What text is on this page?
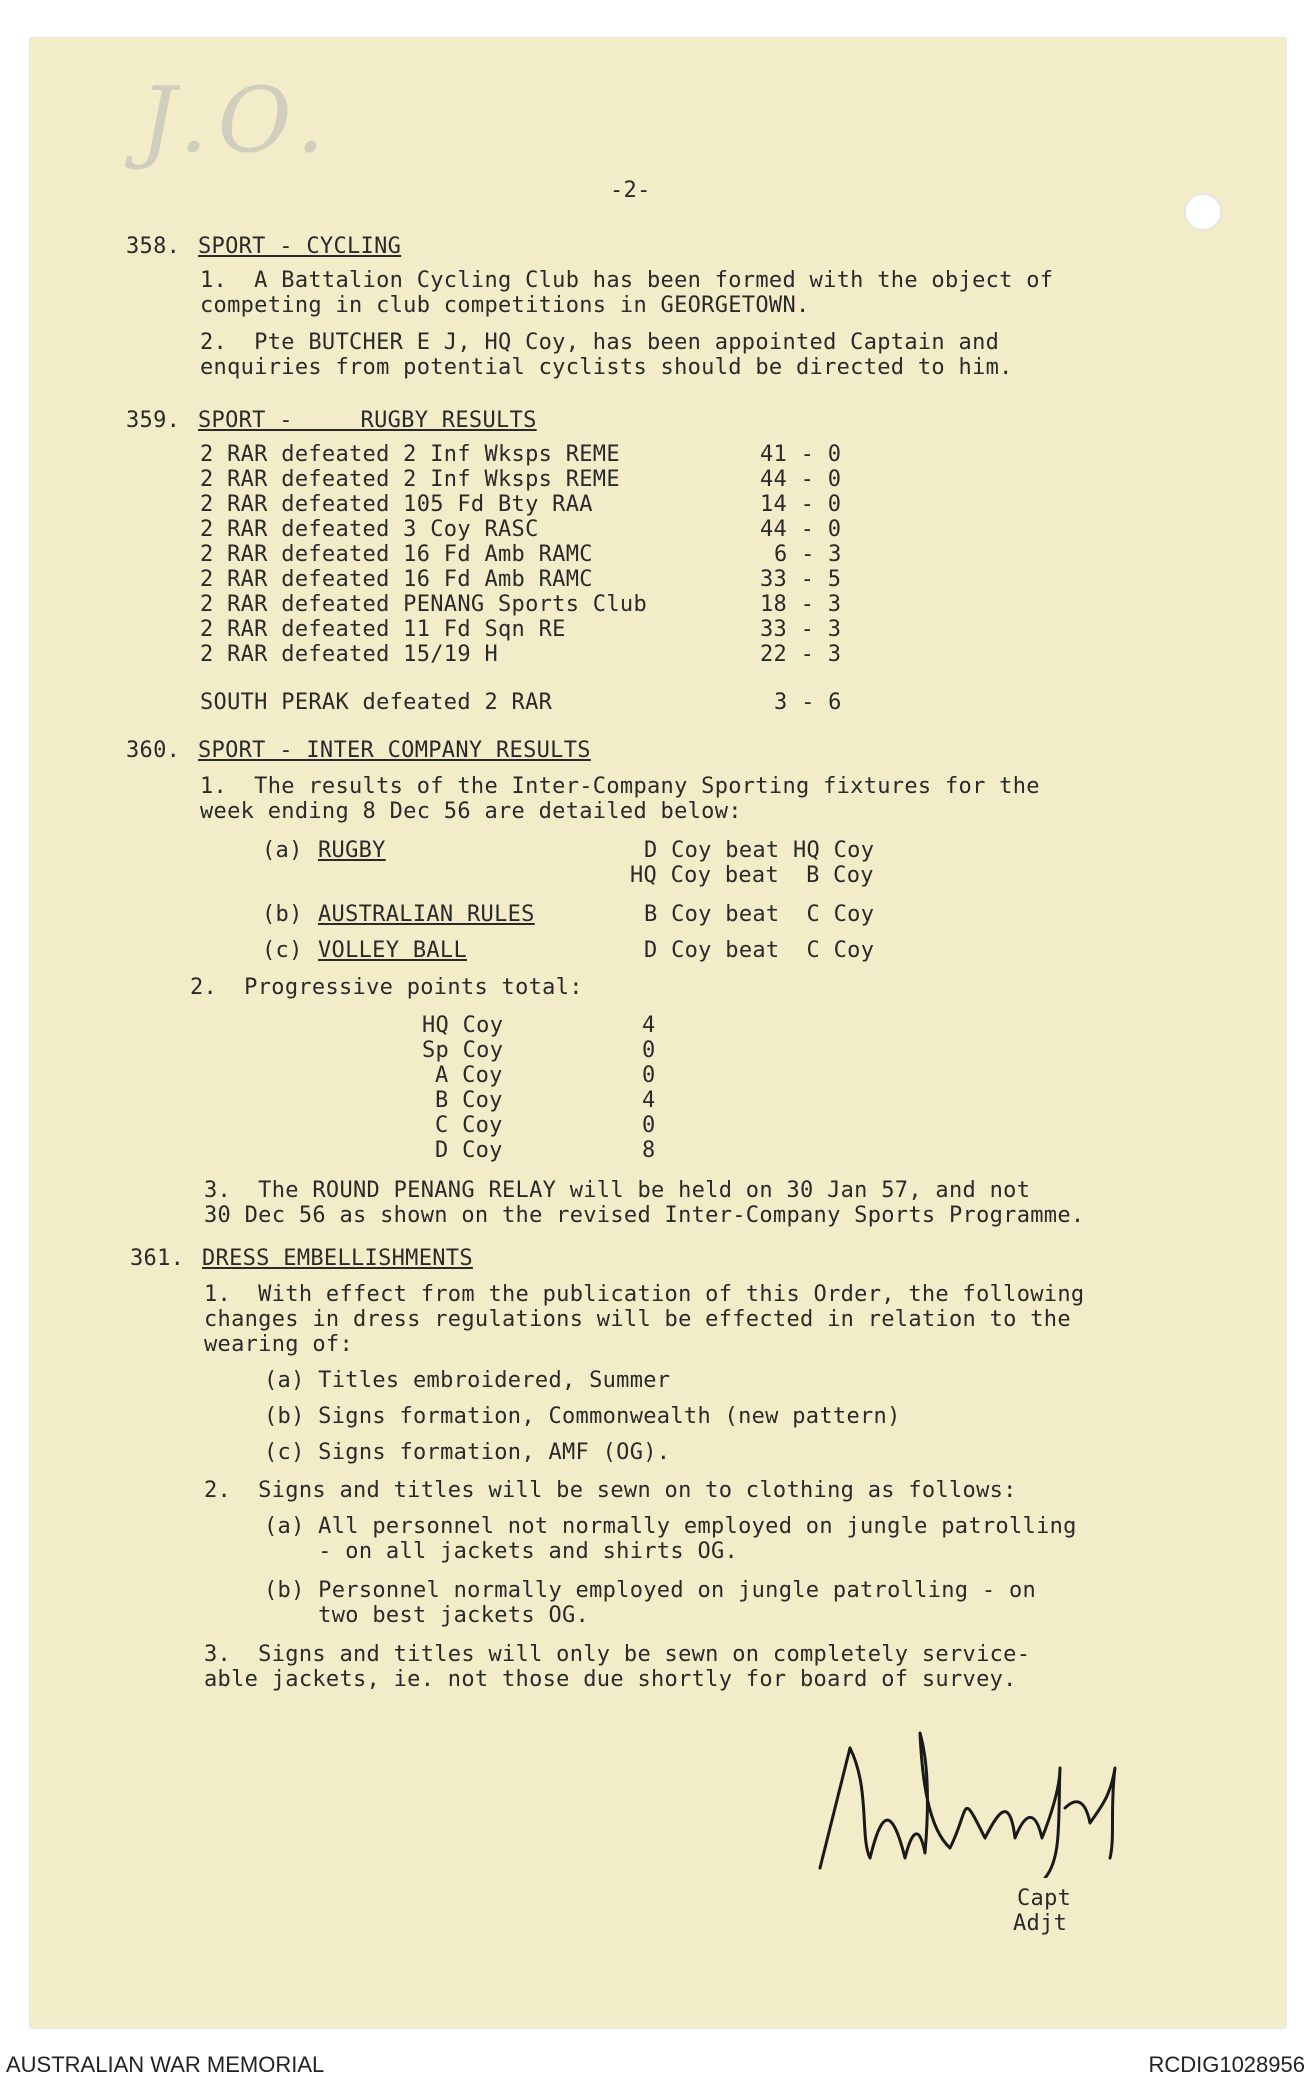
J.O.
-2-
358. SPORT - CYCLING
1.  A Battalion Cycling Club has been formed with the object of
competing in club competitions in GEORGETOWN.
2.  Pte BUTCHER E J, HQ Coy, has been appointed Captain and
enquiries from potential cyclists should be directed to him.
359. SPORT -     RUGBY RESULTS
2 RAR defeated 2 Inf Wksps REME	41 - 0
2 RAR defeated 2 Inf Wksps REME	44 - 0
2 RAR defeated 105 Fd Bty RAA	14 - 0
2 RAR defeated 3 Coy RASC	44 - 0
2 RAR defeated 16 Fd Amb RAMC	6 - 3
2 RAR defeated 16 Fd Amb RAMC	33 - 5
2 RAR defeated PENANG Sports Club	18 - 3
2 RAR defeated 11 Fd Sqn RE	33 - 3
2 RAR defeated 15/19 H	22 - 3
SOUTH PERAK defeated 2 RAR	3 - 6
360. SPORT - INTER COMPANY RESULTS
1.  The results of the Inter-Company Sporting fixtures for the
week ending 8 Dec 56 are detailed below:
(a) RUGBY	D Coy beat HQ Coy
HQ Coy beat  B Coy
(b) AUSTRALIAN RULES	B Coy beat  C Coy
(c) VOLLEY BALL	D Coy beat  C Coy
2.  Progressive points total:
HQ Coy	4
Sp Coy	0
A Coy	0
B Coy	4
C Coy	0
D Coy	8
3.  The ROUND PENANG RELAY will be held on 30 Jan 57, and not
30 Dec 56 as shown on the revised Inter-Company Sports Programme.
361. DRESS EMBELLISHMENTS
1.  With effect from the publication of this Order, the following
changes in dress regulations will be effected in relation to the
wearing of:
(a) Titles embroidered, Summer
(b) Signs formation, Commonwealth (new pattern)
(c) Signs formation, AMF (OG).
2.  Signs and titles will be sewn on to clothing as follows:
(a) All personnel not normally employed on jungle patrolling
- on all jackets and shirts OG.
(b) Personnel normally employed on jungle patrolling - on
two best jackets OG.
3.  Signs and titles will only be sewn on completely service-
able jackets, ie. not those due shortly for board of survey.
Capt
Adjt
AUSTRALIAN WAR MEMORIAL	RCDIG1028956
